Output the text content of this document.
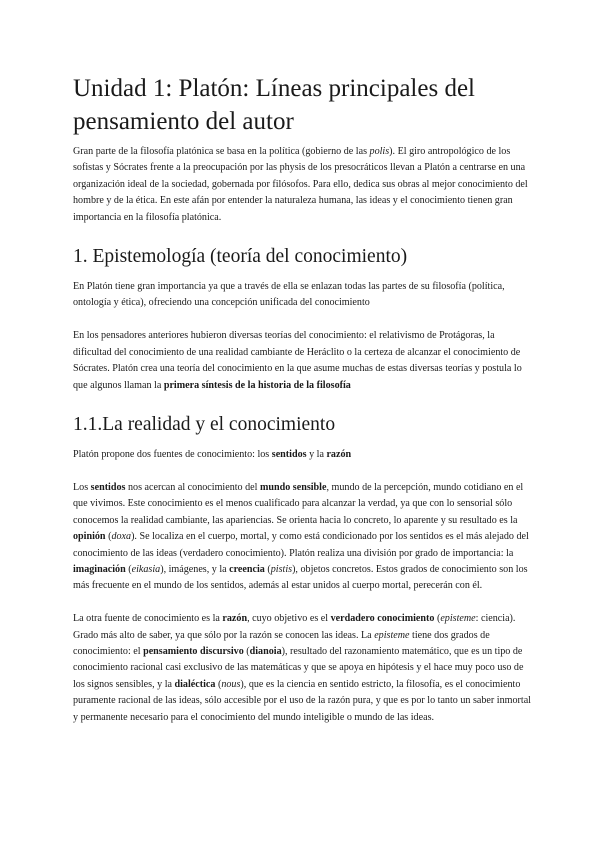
Unidad 1: Platón: Líneas principales del pensamiento del autor

Gran parte de la filosofía platónica se basa en la política (gobierno de las polis). El giro antropológico de los sofistas y Sócrates frente a la preocupación por las physis de los presocráticos llevan a Platón a centrarse en una organización ideal de la sociedad, gobernada por filósofos. Para ello, dedica sus obras al mejor conocimiento del hombre y de la ética. En este afán por entender la naturaleza humana, las ideas y el conocimiento tienen gran importancia en la filosofía platónica.

1. Epistemología (teoría del conocimiento)

En Platón tiene gran importancia ya que a través de ella se enlazan todas las partes de su filosofía (política, ontología y ética), ofreciendo una concepción unificada del conocimiento

En los pensadores anteriores hubieron diversas teorías del conocimiento: el relativismo de Protágoras, la dificultad del conocimiento de una realidad cambiante de Heráclito o la certeza de alcanzar el conocimiento de Sócrates. Platón crea una teoría del conocimiento en la que asume muchas de estas diversas teorías y postula lo que algunos llaman la primera síntesis de la historia de la filosofía

1.1.La realidad y el conocimiento

Platón propone dos fuentes de conocimiento: los sentidos y la razón

Los sentidos nos acercan al conocimiento del mundo sensible, mundo de la percepción, mundo cotidiano en el que vivimos. Este conocimiento es el menos cualificado para alcanzar la verdad, ya que con lo sensorial sólo conocemos la realidad cambiante, las apariencias. Se orienta hacia lo concreto, lo aparente y su resultado es la opinión (doxa). Se localiza en el cuerpo, mortal, y como está condicionado por los sentidos es el más alejado del conocimiento de las ideas (verdadero conocimiento). Platón realiza una división por grado de importancia: la imaginación (eikasia), imágenes, y la creencia (pistis), objetos concretos. Estos grados de conocimiento son los más frecuente en el mundo de los sentidos, además al estar unidos al cuerpo mortal, perecerán con él.

La otra fuente de conocimiento es la razón, cuyo objetivo es el verdadero conocimiento (episteme: ciencia). Grado más alto de saber, ya que sólo por la razón se conocen las ideas. La episteme tiene dos grados de conocimiento: el pensamiento discursivo (dianoia), resultado del razonamiento matemático, que es un tipo de conocimiento racional casi exclusivo de las matemáticas y que se apoya en hipótesis y el hace muy poco uso de los signos sensibles, y la dialéctica (nous), que es la ciencia en sentido estricto, la filosofía, es el conocimiento puramente racional de las ideas, sólo accesible por el uso de la razón pura, y que es por lo tanto un saber inmortal y permanente necesario para el conocimiento del mundo inteligible o mundo de las ideas.
